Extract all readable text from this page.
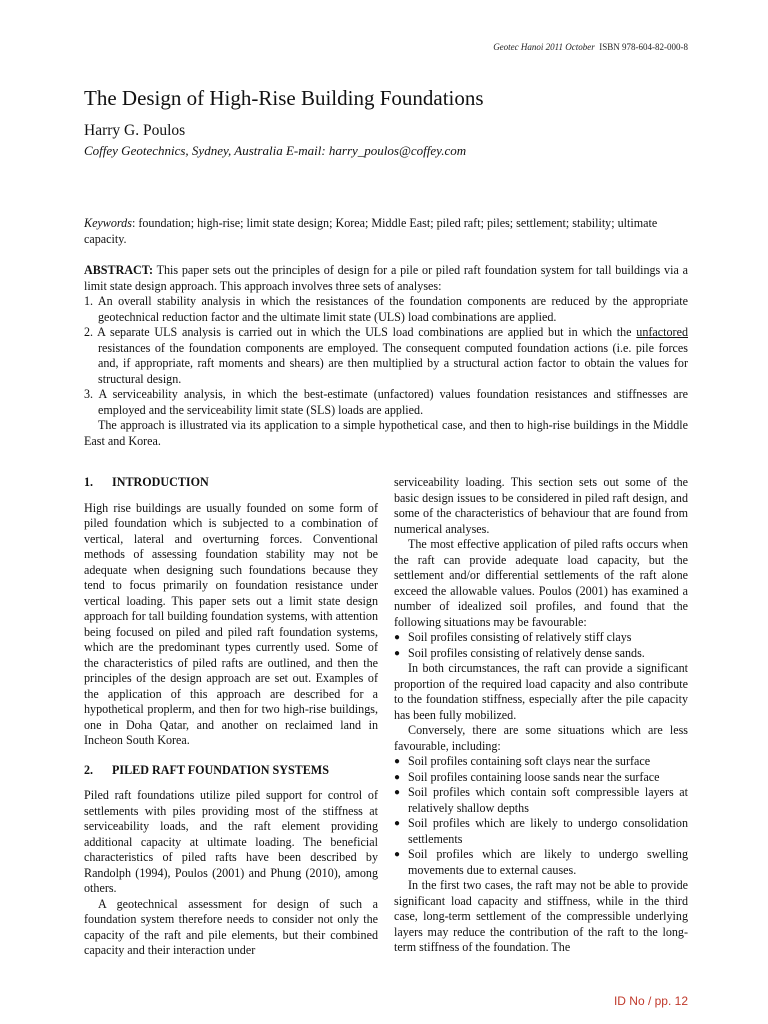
Geotec Hanoi 2011 October ISBN 978-604-82-000-8
The Design of High-Rise Building Foundations
Harry G. Poulos
Coffey Geotechnics, Sydney, Australia E-mail: harry_poulos@coffey.com
Keywords: foundation; high-rise; limit state design; Korea; Middle East; piled raft; piles; settlement; stability; ultimate capacity.

ABSTRACT: This paper sets out the principles of design for a pile or piled raft foundation system for tall buildings via a limit state design approach. This approach involves three sets of analyses:

1. An overall stability analysis in which the resistances of the foundation components are reduced by the appropriate geotechnical reduction factor and the ultimate limit state (ULS) load combinations are applied.

2. A separate ULS analysis is carried out in which the ULS load combinations are applied but in which the unfactored resistances of the foundation components are employed. The consequent computed foundation actions (i.e. pile forces and, if appropriate, raft moments and shears) are then multiplied by a structural action factor to obtain the values for structural design.

3. A serviceability analysis, in which the best-estimate (unfactored) values foundation resistances and stiffnesses are employed and the serviceability limit state (SLS) loads are applied.

The approach is illustrated via its application to a simple hypothetical case, and then to high-rise buildings in the Middle East and Korea.

1.	INTRODUCTION

High rise buildings are usually founded on some form of piled foundation which is subjected to a combination of vertical, lateral and overturning forces. Conventional methods of assessing foundation stability may not be adequate when designing such foundations because they tend to focus primarily on foundation resistance under vertical loading. This paper sets out a limit state design approach for tall building foundation systems, with attention being focused on piled and piled raft foundation systems, which are the predominant types currently used. Some of the characteristics of piled rafts are outlined, and then the principles of the design approach are set out. Examples of the application of this approach are described for a hypothetical proplerm, and then for two high-rise buildings, one in Doha Qatar, and another on reclaimed land in Incheon South Korea.

2.	PILED RAFT FOUNDATION SYSTEMS

Piled raft foundations utilize piled support for control of settlements with piles providing most of the stiffness at serviceability loads, and the raft element providing additional capacity at ultimate loading. The beneficial characteristics of piled rafts have been described by Randolph (1994), Poulos (2001) and Phung (2010), among others.

A geotechnical assessment for design of such a foundation system therefore needs to consider not only the capacity of the raft and pile elements, but their combined capacity and their interaction under

serviceability loading. This section sets out some of the basic design issues to be considered in piled raft design, and some of the characteristics of behaviour that are found from numerical analyses.

The most effective application of piled rafts occurs when the raft can provide adequate load capacity, but the settlement and/or differential settlements of the raft alone exceed the allowable values. Poulos (2001) has examined a number of idealized soil profiles, and found that the following situations may be favourable:

● Soil profiles consisting of relatively stiff clays
● Soil profiles consisting of relatively dense sands.

In both circumstances, the raft can provide a significant proportion of the required load capacity and also contribute to the foundation stiffness, especially after the pile capacity has been fully mobilized.

Conversely, there are some situations which are less favourable, including:

● Soil profiles containing soft clays near the surface
● Soil profiles containing loose sands near the surface
● Soil profiles which contain soft compressible layers at relatively shallow depths
● Soil profiles which are likely to undergo consolidation settlements
● Soil profiles which are likely to undergo swelling movements due to external causes.

In the first two cases, the raft may not be able to provide significant load capacity and stiffness, while in the third case, long-term settlement of the compressible underlying layers may reduce the contribution of the raft to the long-term stiffness of the foundation. The

ID No / pp. 12
